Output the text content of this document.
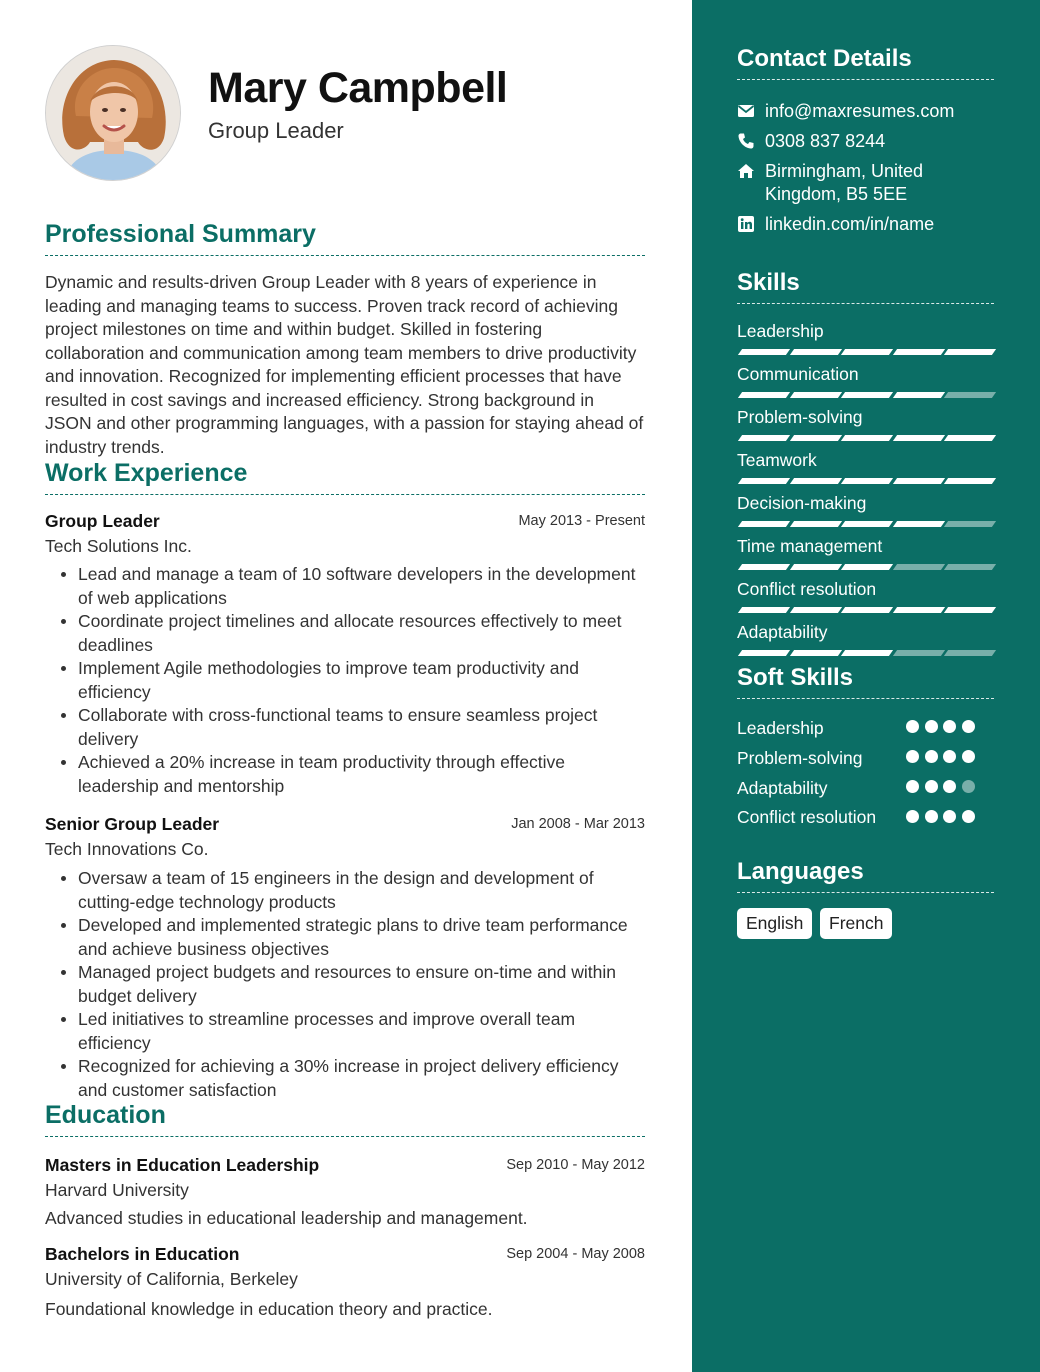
Mary Campbell
Group Leader
Professional Summary
Dynamic and results-driven Group Leader with 8 years of experience in leading and managing teams to success. Proven track record of achieving project milestones on time and within budget. Skilled in fostering collaboration and communication among team members to drive productivity and innovation. Recognized for implementing efficient processes that have resulted in cost savings and increased efficiency. Strong background in JSON and other programming languages, with a passion for staying ahead of industry trends.
Work Experience
Group Leader	May 2013 - Present
Tech Solutions Inc.
Lead and manage a team of 10 software developers in the development of web applications
Coordinate project timelines and allocate resources effectively to meet deadlines
Implement Agile methodologies to improve team productivity and efficiency
Collaborate with cross-functional teams to ensure seamless project delivery
Achieved a 20% increase in team productivity through effective leadership and mentorship
Senior Group Leader	Jan 2008 - Mar 2013
Tech Innovations Co.
Oversaw a team of 15 engineers in the design and development of cutting-edge technology products
Developed and implemented strategic plans to drive team performance and achieve business objectives
Managed project budgets and resources to ensure on-time and within budget delivery
Led initiatives to streamline processes and improve overall team efficiency
Recognized for achieving a 30% increase in project delivery efficiency and customer satisfaction
Education
Masters in Education Leadership	Sep 2010 - May 2012
Harvard University
Advanced studies in educational leadership and management.
Bachelors in Education	Sep 2004 - May 2008
University of California, Berkeley
Foundational knowledge in education theory and practice.
Contact Details
info@maxresumes.com
0308 837 8244
Birmingham, United Kingdom, B5 5EE
linkedin.com/in/name
Skills
Leadership
Communication
Problem-solving
Teamwork
Decision-making
Time management
Conflict resolution
Adaptability
Soft Skills
Leadership
Problem-solving
Adaptability
Conflict resolution
Languages
English	French
